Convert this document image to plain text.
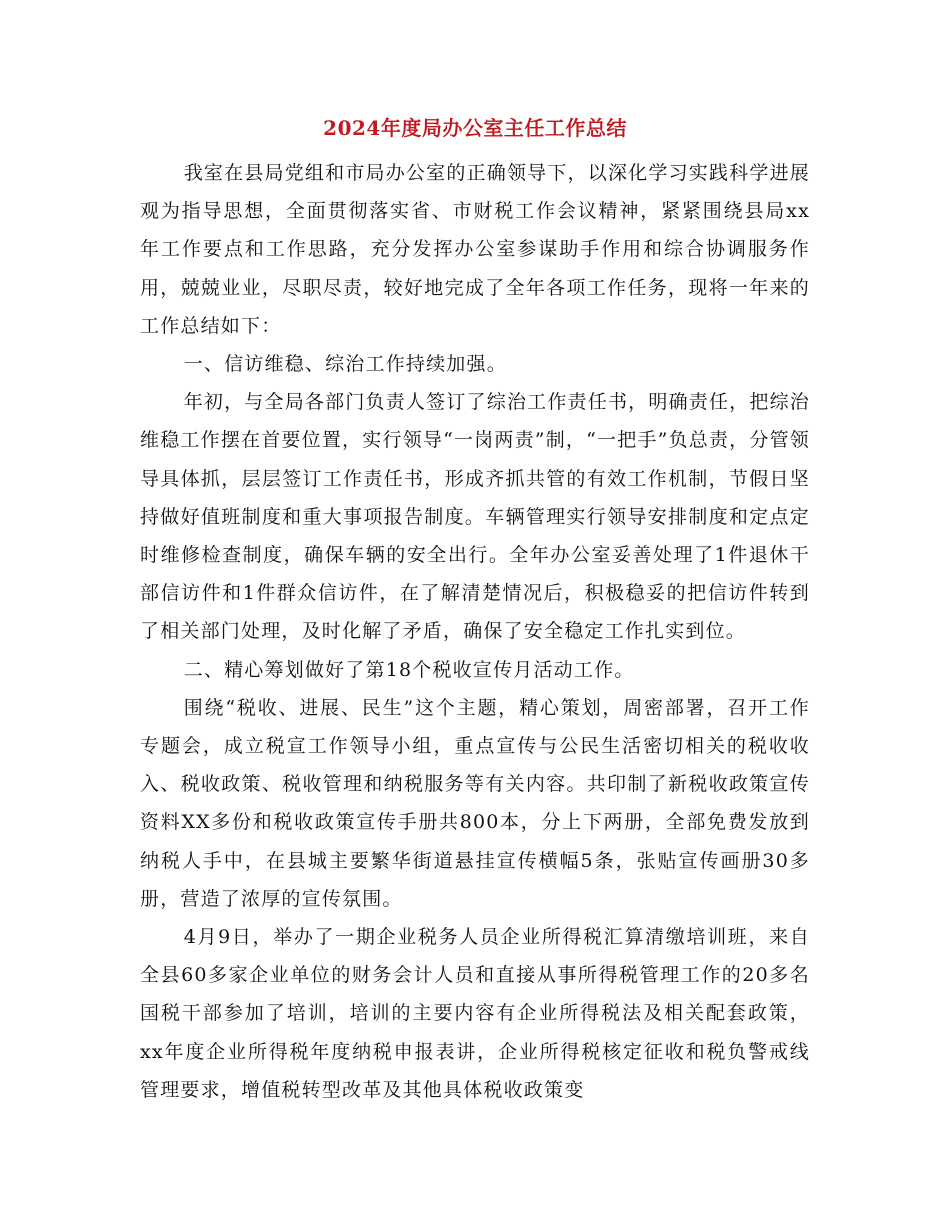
2024年度局办公室主任工作总结

我室在县局党组和市局办公室的正确领导下，以深化学习实践科学进展观为指导思想，全面贯彻落实省、市财税工作会议精神，紧紧围绕县局xx年工作要点和工作思路，充分发挥办公室参谋助手作用和综合协调服务作用，兢兢业业，尽职尽责，较好地完成了全年各项工作任务，现将一年来的工作总结如下：

一、信访维稳、综治工作持续加强。

年初，与全局各部门负责人签订了综治工作责任书，明确责任，把综治维稳工作摆在首要位置，实行领导“一岗两责”制，“一把手”负总责，分管领导具体抓，层层签订工作责任书，形成齐抓共管的有效工作机制，节假日坚持做好值班制度和重大事项报告制度。车辆管理实行领导安排制度和定点定时维修检查制度，确保车辆的安全出行。全年办公室妥善处理了1件退休干部信访件和1件群众信访件，在了解清楚情况后，积极稳妥的把信访件转到了相关部门处理，及时化解了矛盾，确保了安全稳定工作扎实到位。

二、精心筹划做好了第18个税收宣传月活动工作。

围绕“税收、进展、民生”这个主题，精心策划，周密部署，召开工作专题会，成立税宣工作领导小组，重点宣传与公民生活密切相关的税收收入、税收政策、税收管理和纳税服务等有关内容。共印制了新税收政策宣传资料XX多份和税收政策宣传手册共800本，分上下两册，全部免费发放到纳税人手中，在县城主要繁华街道悬挂宣传横幅5条，张贴宣传画册30多册，营造了浓厚的宣传氛围。

4月9日，举办了一期企业税务人员企业所得税汇算清缴培训班，来自全县60多家企业单位的财务会计人员和直接从事所得税管理工作的20多名国税干部参加了培训，培训的主要内容有企业所得税法及相关配套政策，xx年度企业所得税年度纳税申报表讲，企业所得税核定征收和税负警戒线管理要求，增值税转型改革及其他具体税收政策变
